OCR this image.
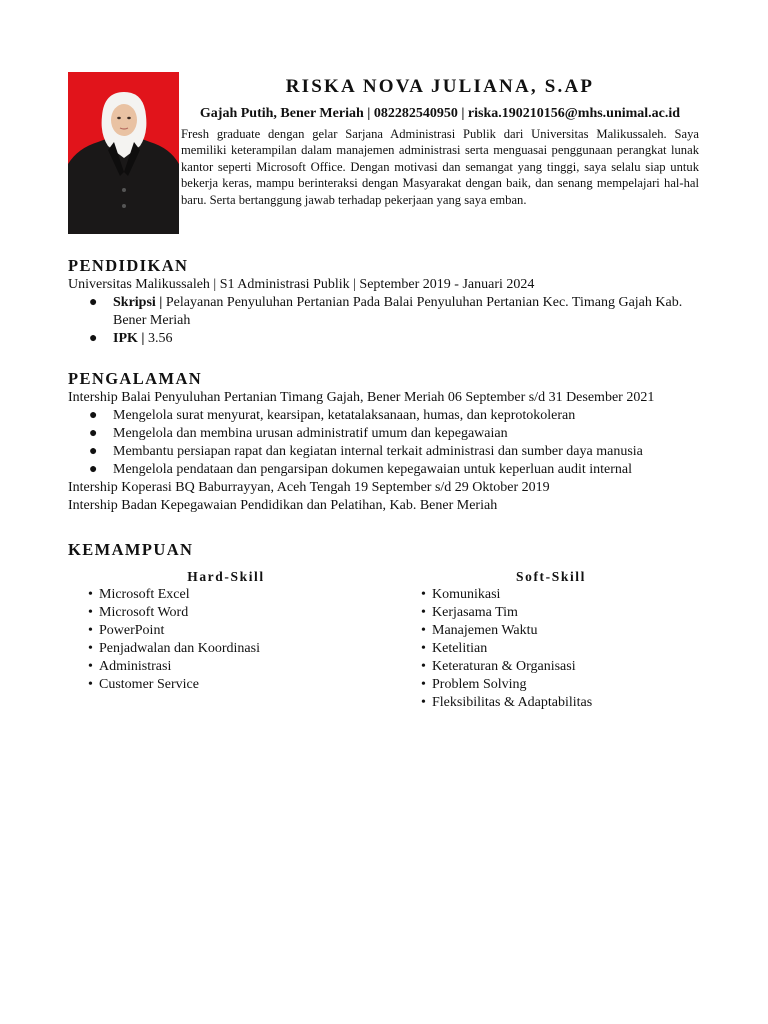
RISKA NOVA JULIANA, S.AP
Gajah Putih, Bener Meriah | 082282540950 | riska.190210156@mhs.unimal.ac.id
Fresh graduate dengan gelar Sarjana Administrasi Publik dari Universitas Malikussaleh. Saya memiliki keterampilan dalam manajemen administrasi serta menguasai penggunaan perangkat lunak kantor seperti Microsoft Office. Dengan motivasi dan semangat yang tinggi, saya selalu siap untuk bekerja keras, mampu berinteraksi dengan Masyarakat dengan baik, dan senang mempelajari hal-hal baru. Serta bertanggung jawab terhadap pekerjaan yang saya emban.
PENDIDIKAN
Universitas Malikussaleh | S1 Administrasi Publik | September 2019 - Januari 2024
● Skripsi | Pelayanan Penyuluhan Pertanian Pada Balai Penyuluhan Pertanian Kec. Timang Gajah Kab. Bener Meriah
● IPK | 3.56
PENGALAMAN
Intership Balai Penyuluhan Pertanian Timang Gajah, Bener Meriah 06 September s/d 31 Desember 2021
● Mengelola surat menyurat, kearsipan, ketatalaksanaan, humas, dan keprotokoleran
● Mengelola dan membina urusan administratif umum dan kepegawaian
● Membantu persiapan rapat dan kegiatan internal terkait administrasi dan sumber daya manusia
● Mengelola pendataan dan pengarsipan dokumen kepegawaian untuk keperluan audit internal
Intership Koperasi BQ Baburrayyan, Aceh Tengah 19 September s/d 29 Oktober 2019
Intership Badan Kepegawaian Pendidikan dan Pelatihan, Kab. Bener Meriah
KEMAMPUAN
Hard-Skill
• Microsoft Excel
• Microsoft Word
• PowerPoint
• Penjadwalan dan Koordinasi
• Administrasi
• Customer Service
Soft-Skill
• Komunikasi
• Kerjasama Tim
• Manajemen Waktu
• Ketelitian
• Keteraturan & Organisasi
• Problem Solving
• Fleksibilitas & Adaptabilitas
